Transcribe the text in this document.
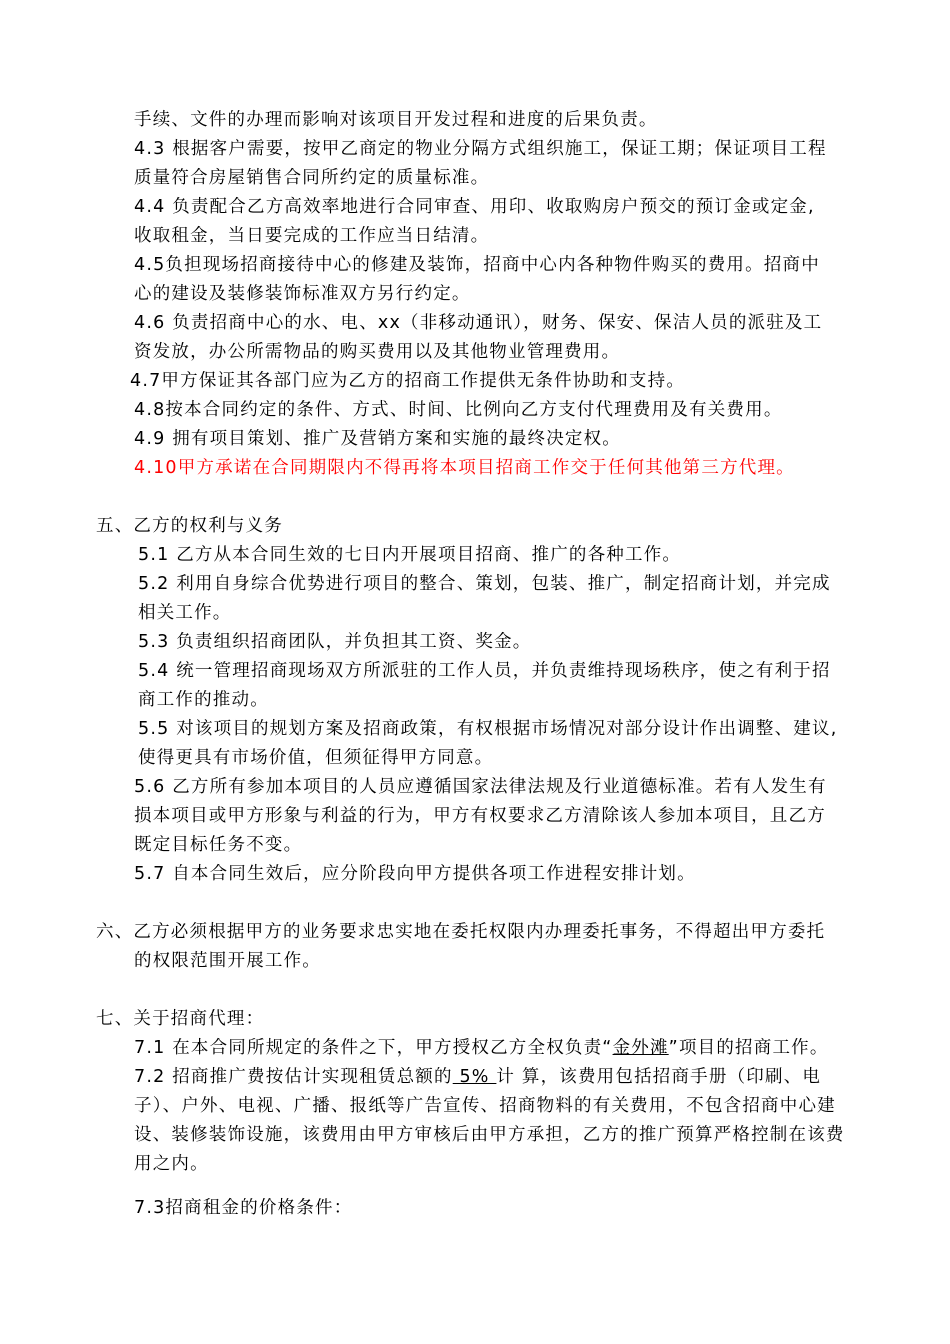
手续、文件的办理而影响对该项目开发过程和进度的后果负责。
4.3 根据客户需要，按甲乙商定的物业分隔方式组织施工，保证工期；保证项目工程
质量符合房屋销售合同所约定的质量标准。
4.4 负责配合乙方高效率地进行合同审查、用印、收取购房户预交的预订金或定金,
收取租金，当日要完成的工作应当日结清。
4.5负担现场招商接待中心的修建及装饰，招商中心内各种物件购买的费用。招商中
心的建设及装修装饰标准双方另行约定。
4.6 负责招商中心的水、电、xx（非移动通讯），财务、保安、保洁人员的派驻及工
资发放，办公所需物品的购买费用以及其他物业管理费用。
4.7甲方保证其各部门应为乙方的招商工作提供无条件协助和支持。
4.8按本合同约定的条件、方式、时间、比例向乙方支付代理费用及有关费用。
4.9 拥有项目策划、推广及营销方案和实施的最终决定权。
4.10甲方承诺在合同期限内不得再将本项目招商工作交于任何其他第三方代理。
五、乙方的权利与义务
5.1 乙方从本合同生效的七日内开展项目招商、推广的各种工作。
5.2 利用自身综合优势进行项目的整合、策划，包装、推广，制定招商计划，并完成
相关工作。
5.3 负责组织招商团队，并负担其工资、奖金。
5.4 统一管理招商现场双方所派驻的工作人员，并负责维持现场秩序，使之有利于招
商工作的推动。
5.5 对该项目的规划方案及招商政策，有权根据市场情况对部分设计作出调整、建议,
使得更具有市场价值，但须征得甲方同意。
5.6 乙方所有参加本项目的人员应遵循国家法律法规及行业道德标准。若有人发生有
损本项目或甲方形象与利益的行为，甲方有权要求乙方清除该人参加本项目，且乙方
既定目标任务不变。
5.7 自本合同生效后，应分阶段向甲方提供各项工作进程安排计划。
六、乙方必须根据甲方的业务要求忠实地在委托权限内办理委托事务，不得超出甲方委托
的权限范围开展工作。
七、关于招商代理：
7.1 在本合同所规定的条件之下，甲方授权乙方全权负责“金外滩”项目的招商工作。
7.2 招商推广费按估计实现租赁总额的 5% 计 算，该费用包括招商手册（印刷、电
子）、户外、电视、广播、报纸等广告宣传、招商物料的有关费用，不包含招商中心建
设、装修装饰设施，该费用由甲方审核后由甲方承担，乙方的推广预算严格控制在该费
用之内。
7.3招商租金的价格条件：
